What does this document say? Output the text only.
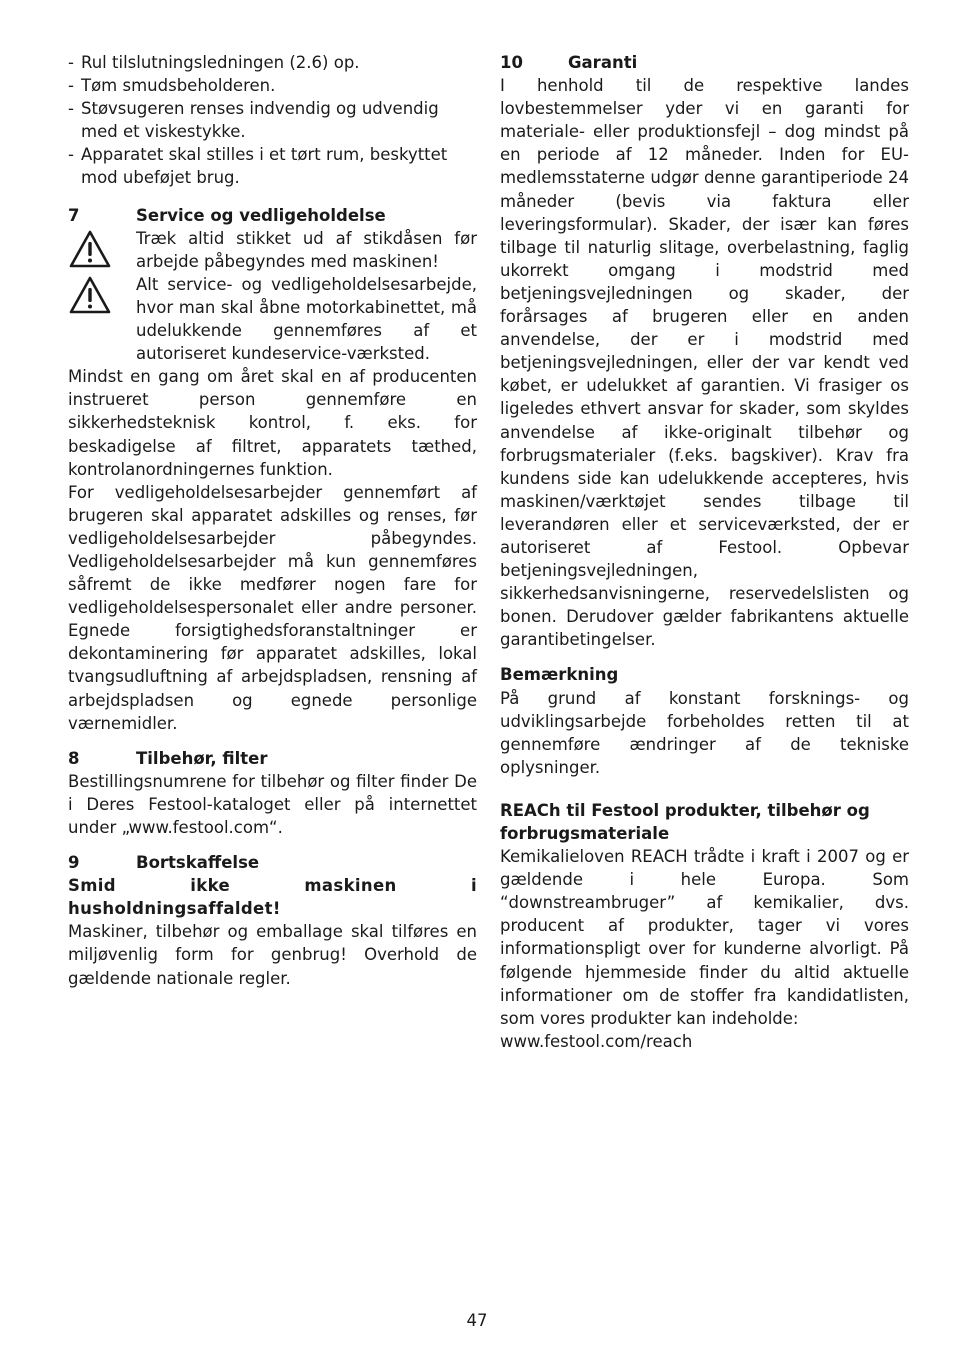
- Rul tilslutningsledningen (2.6) op.
- Tøm smudsbeholderen.
- Støvsugeren renses indvendig og udvendig med et viskestykke.
- Apparatet skal stilles i et tørt rum, beskyttet mod ubeføjet brug.
7	Service og vedligeholdelse

Træk altid stikket ud af stikdåsen før arbejde påbegyndes med maskinen!

Alt service- og vedligeholdelsesarbejde, hvor man skal åbne motorkabinettet, må udelukkende gennemføres af et autoriseret kundeservice-værksted.

Mindst en gang om året skal en af producenten instrueret person gennemføre en sikkerhedsteknisk kontrol, f. eks. for beskadigelse af filtret, apparatets tæthed, kontrolanordningernes funktion.

For vedligeholdelsesarbejder gennemført af brugeren skal apparatet adskilles og renses, før vedligeholdelsesarbejder påbegyndes. Vedligeholdelsesarbejder må kun gennemføres såfremt de ikke medfører nogen fare for vedligeholdelsespersonalet eller andre personer. Egnede forsigtighedsforanstaltninger er dekontaminering før apparatet adskilles, lokal tvangsudluftning af arbejdspladsen, rensning af arbejdspladsen og egnede personlige værnemidler.

8	Tilbehør, filter

Bestillingsnumrene for tilbehør og filter finder De i Deres Festool-kataloget eller på internettet under „www.festool.com“.

9	Bortskaffelse

Smid ikke maskinen i husholdningsaffaldet!

Maskiner, tilbehør og emballage skal tilføres en miljøvenlig form for genbrug! Overhold de gældende nationale regler.

10	Garanti

I henhold til de respektive landes lovbestemmelser yder vi en garanti for materiale- eller produktionsfejl – dog mindst på en periode af 12 måneder. Inden for EU-medlemsstaterne udgør denne garantiperiode 24 måneder (bevis via faktura eller leveringsformular). Skader, der især kan føres tilbage til naturlig slitage, overbelastning, faglig ukorrekt omgang i modstrid med betjeningsvejledningen og skader, der forårsages af brugeren eller en anden anvendelse, der er i modstrid med betjeningsvejledningen, eller der var kendt ved købet, er udelukket af garantien. Vi frasiger os ligeledes ethvert ansvar for skader, som skyldes anvendelse af ikke-originalt tilbehør og forbrugsmaterialer (f.eks. bagskiver). Krav fra kundens side kan udelukkende accepteres, hvis maskinen/værktøjet sendes tilbage til leverandøren eller et serviceværksted, der er autoriseret af Festool. Opbevar betjeningsvejledningen, sikkerhedsanvisningerne, reservedelslisten og bonen. Derudover gælder fabrikantens aktuelle garantibetingelser.

Bemærkning

På grund af konstant forsknings- og udviklingsarbejde forbeholdes retten til at gennemføre ændringer af de tekniske oplysninger.

REACh til Festool produkter, tilbehør og forbrugsmateriale

Kemikalieloven REACH trådte i kraft i 2007 og er gældende i hele Europa. Som “downstreambruger” af kemikalier, dvs. producent af produkter, tager vi vores informationspligt over for kunderne alvorligt. På følgende hjemmeside finder du altid aktuelle informationer om de stoffer fra kandidatlisten, som vores produkter kan indeholde:

www.festool.com/reach
47
